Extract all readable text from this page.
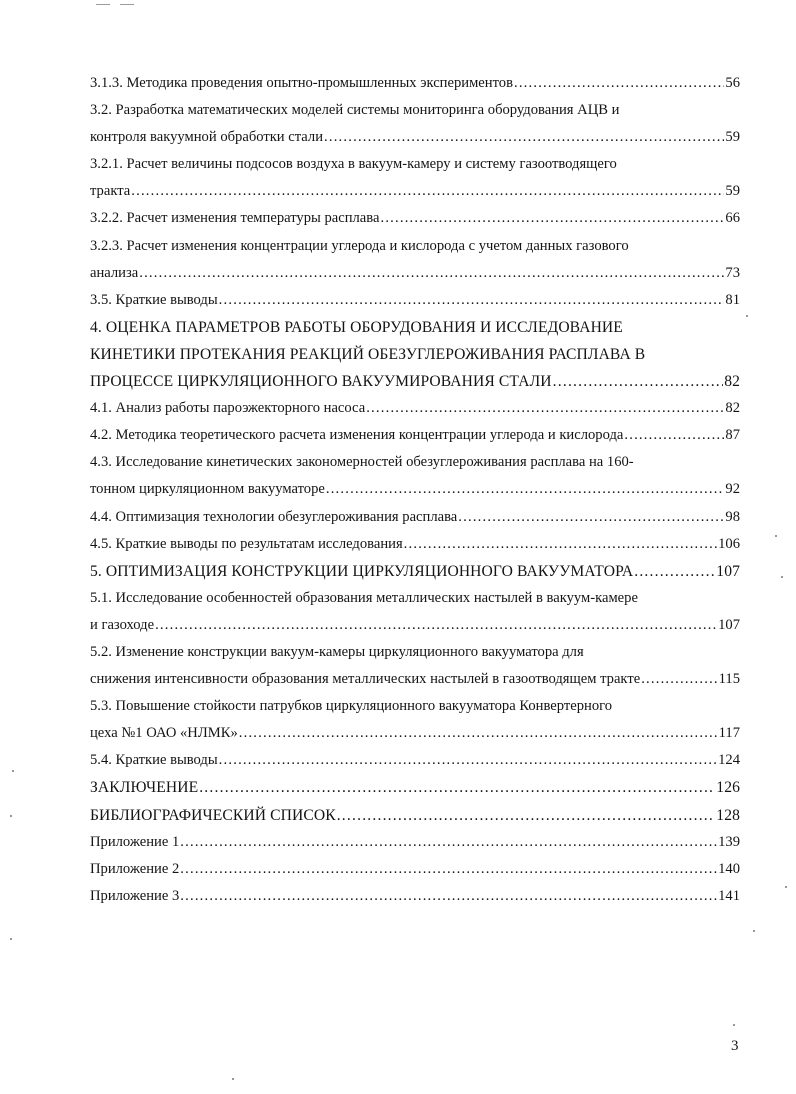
3.1.3. Методика проведения опытно-промышленных экспериментов .....	56
3.2. Разработка математических моделей системы мониторинга оборудования АЦВ и
контроля вакуумной обработки стали .....	59
3.2.1. Расчет величины подсосов воздуха в вакуум-камеру и систему газоотводящего
тракта .....	59
3.2.2. Расчет изменения температуры расплава .....	66
3.2.3. Расчет изменения концентрации углерода и кислорода с учетом данных газового
анализа .....	73
3.5. Краткие выводы .....	81
4. ОЦЕНКА ПАРАМЕТРОВ РАБОТЫ ОБОРУДОВАНИЯ И ИССЛЕДОВАНИЕ
КИНЕТИКИ ПРОТЕКАНИЯ РЕАКЦИЙ ОБЕЗУГЛЕРОЖИВАНИЯ РАСПЛАВА В
ПРОЦЕССЕ ЦИРКУЛЯЦИОННОГО ВАКУУМИРОВАНИЯ СТАЛИ .....	82
4.1. Анализ работы пароэжекторного насоса .....	82
4.2. Методика теоретического расчета изменения концентрации углерода и кислорода .....	87
4.3. Исследование кинетических закономерностей обезуглероживания расплава на 160-
тонном циркуляционном вакууматоре .....	92
4.4. Оптимизация технологии обезуглероживания расплава .....	98
4.5. Краткие выводы по результатам исследования .....	106
5. ОПТИМИЗАЦИЯ КОНСТРУКЦИИ ЦИРКУЛЯЦИОННОГО ВАКУУМАТОРА .....	107
5.1. Исследование особенностей образования металлических настылей в вакуум-камере
и газоходе .....	107
5.2. Изменение конструкции вакуум-камеры циркуляционного вакууматора для
снижения интенсивности образования металлических настылей в газоотводящем тракте .....	115
5.3. Повышение стойкости патрубков циркуляционного вакууматора Конвертерного
цеха №1 ОАО «НЛМК» .....	117
5.4. Краткие выводы .....	124
ЗАКЛЮЧЕНИЕ .....	126
БИБЛИОГРАФИЧЕСКИЙ СПИСОК .....	128
Приложение 1 .....	139
Приложение 2 .....	140
Приложение 3 .....	141
3
